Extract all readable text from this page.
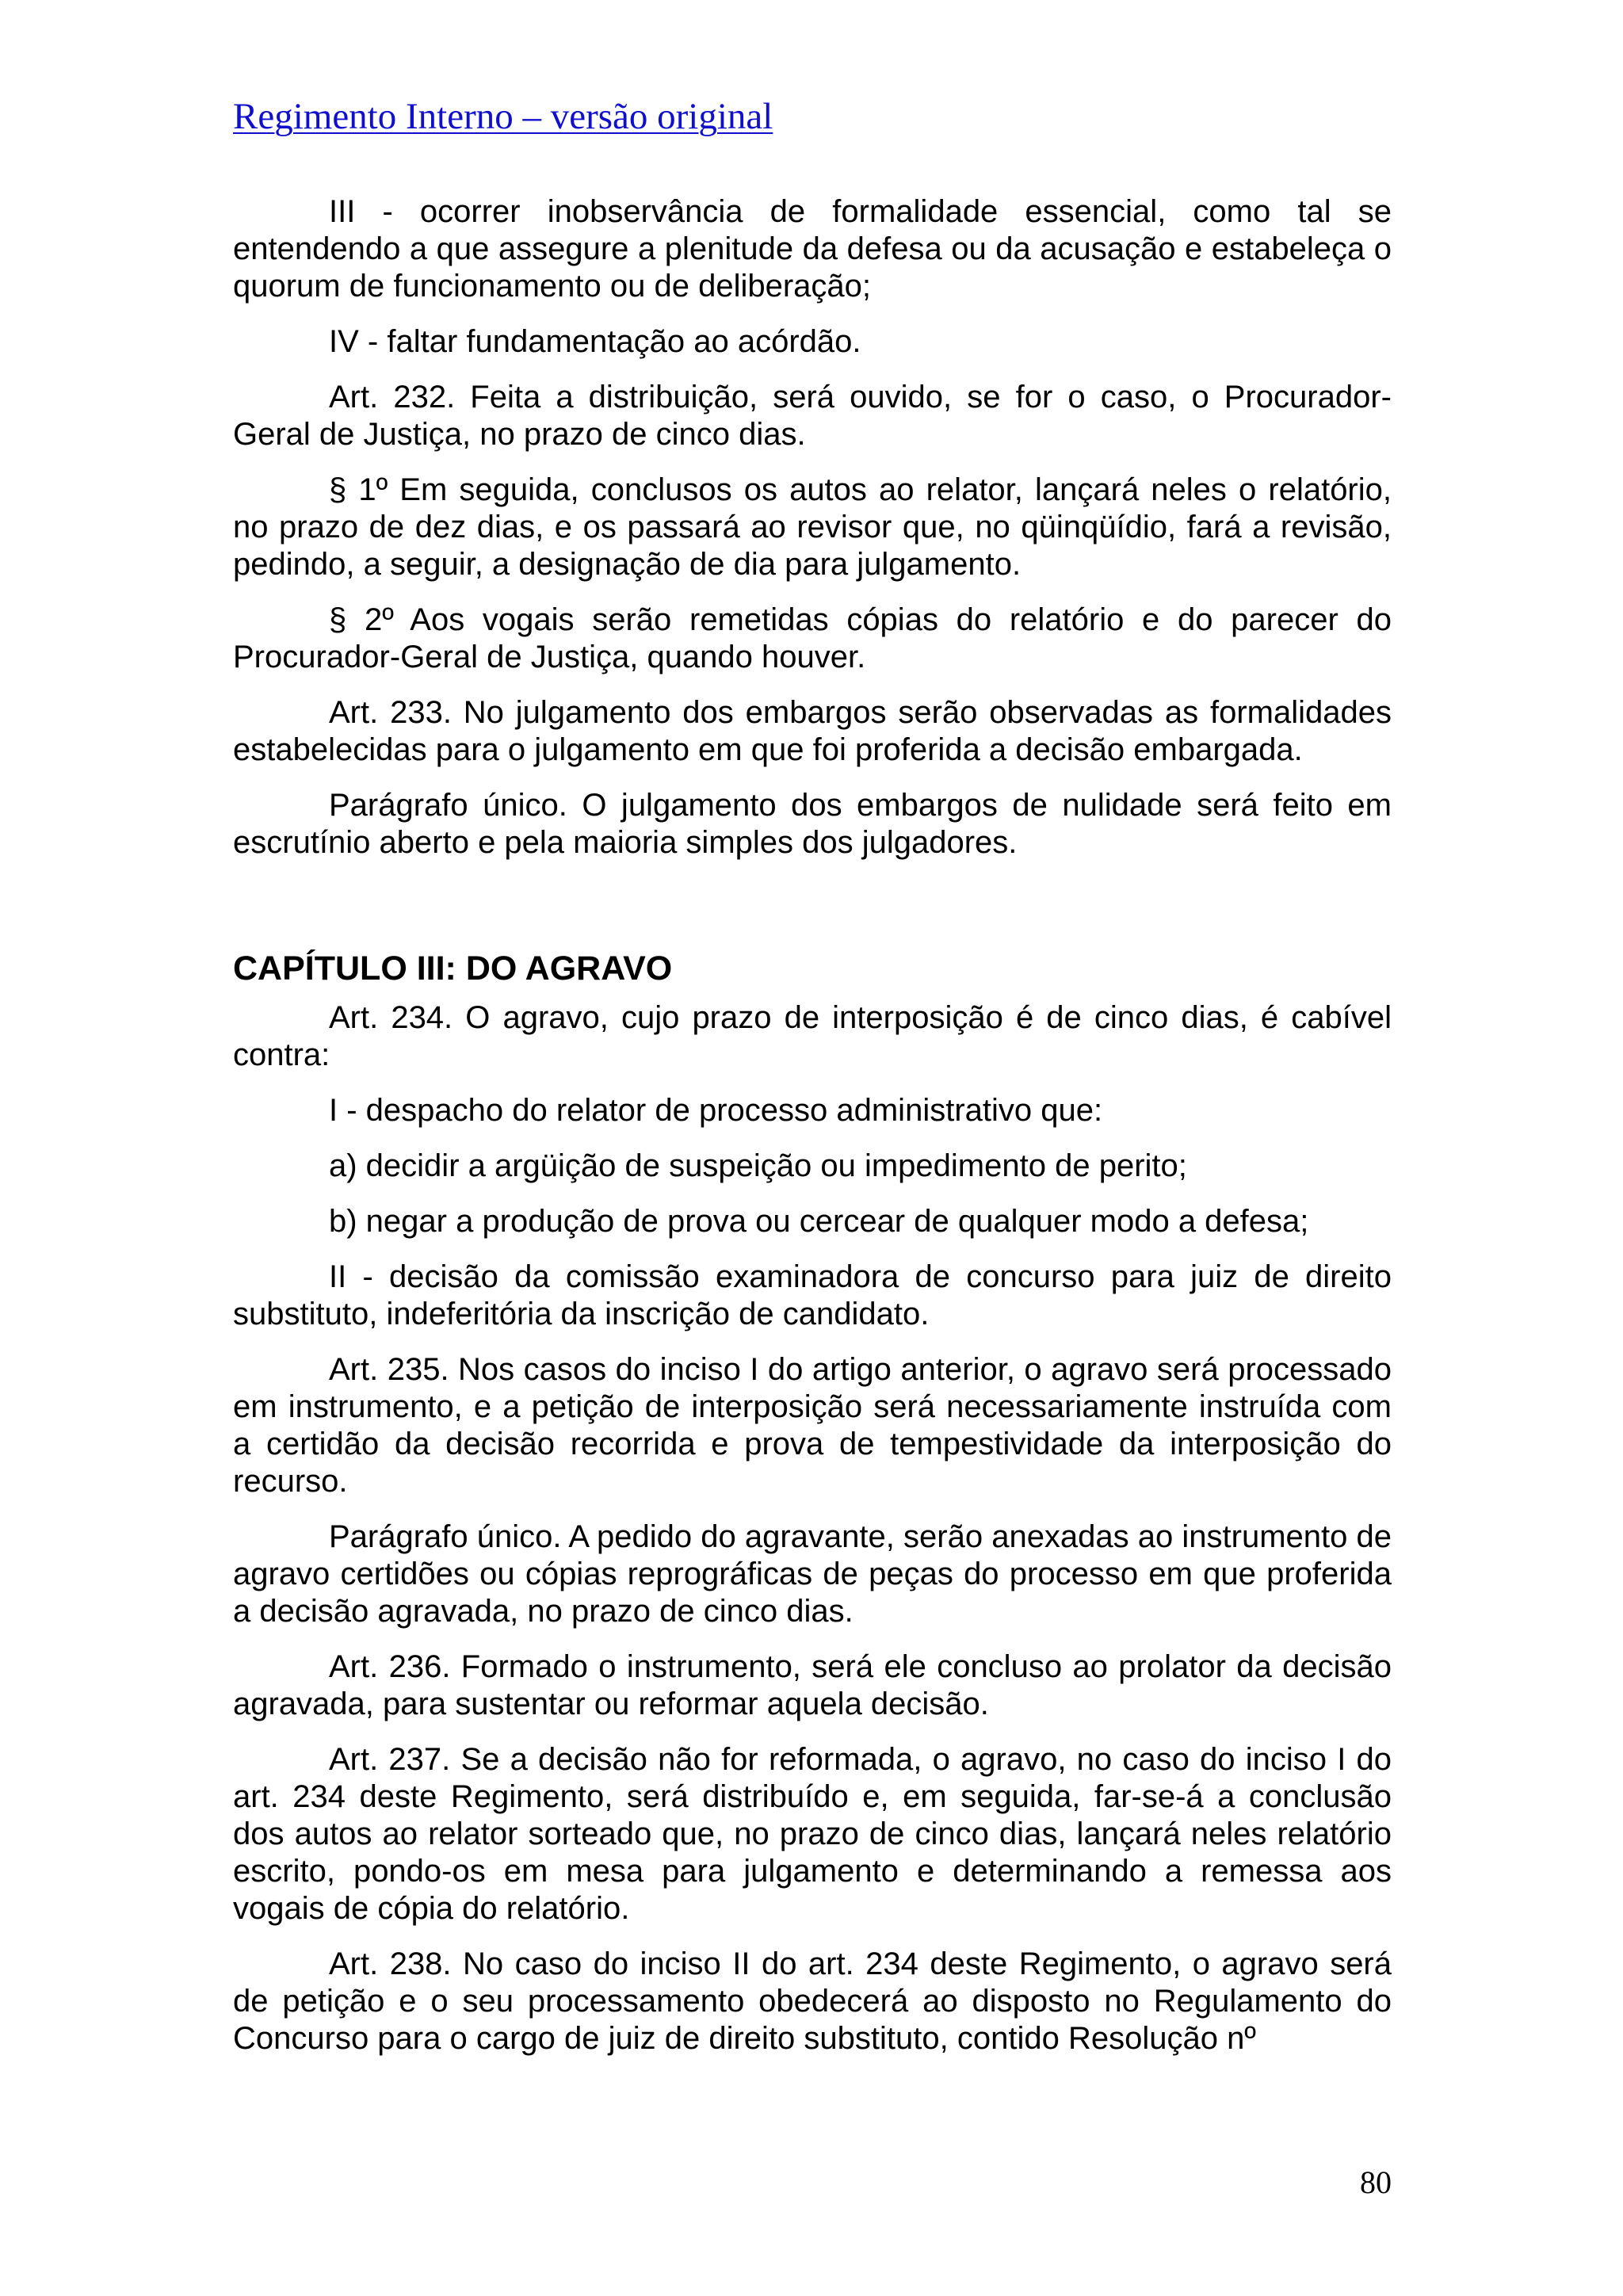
Regimento Interno – versão original

III - ocorrer inobservância de formalidade essencial, como tal se entendendo a que assegure a plenitude da defesa ou da acusação e estabeleça o quorum de funcionamento ou de deliberação;

IV - faltar fundamentação ao acórdão.

Art. 232. Feita a distribuição, será ouvido, se for o caso, o Procurador-Geral de Justiça, no prazo de cinco dias.

§ 1º Em seguida, conclusos os autos ao relator, lançará neles o relatório, no prazo de dez dias, e os passará ao revisor que, no qüinqüídio, fará a revisão, pedindo, a seguir, a designação de dia para julgamento.

§ 2º Aos vogais serão remetidas cópias do relatório e do parecer do Procurador-Geral de Justiça, quando houver.

Art. 233. No julgamento dos embargos serão observadas as formalidades estabelecidas para o julgamento em que foi proferida a decisão embargada.

Parágrafo único. O julgamento dos embargos de nulidade será feito em escrutínio aberto e pela maioria simples dos julgadores.

CAPÍTULO III: DO AGRAVO

Art. 234. O agravo, cujo prazo de interposição é de cinco dias, é cabível contra:

I - despacho do relator de processo administrativo que:

a) decidir a argüição de suspeição ou impedimento de perito;

b) negar a produção de prova ou cercear de qualquer modo a defesa;

II - decisão da comissão examinadora de concurso para juiz de direito substituto, indeferitória da inscrição de candidato.

Art. 235. Nos casos do inciso I do artigo anterior, o agravo será processado em instrumento, e a petição de interposição será necessariamente instruída com a certidão da decisão recorrida e prova de tempestividade da interposição do recurso.

Parágrafo único. A pedido do agravante, serão anexadas ao instrumento de agravo certidões ou cópias reprográficas de peças do processo em que proferida a decisão agravada, no prazo de cinco dias.

Art. 236. Formado o instrumento, será ele concluso ao prolator da decisão agravada, para sustentar ou reformar aquela decisão.

Art. 237. Se a decisão não for reformada, o agravo, no caso do inciso I do art. 234 deste Regimento, será distribuído e, em seguida, far-se-á a conclusão dos autos ao relator sorteado que, no prazo de cinco dias, lançará neles relatório escrito, pondo-os em mesa para julgamento e determinando a remessa aos vogais de cópia do relatório.

Art. 238. No caso do inciso II do art. 234 deste Regimento, o agravo será de petição e o seu processamento obedecerá ao disposto no Regulamento do Concurso para o cargo de juiz de direito substituto, contido Resolução nº

80
